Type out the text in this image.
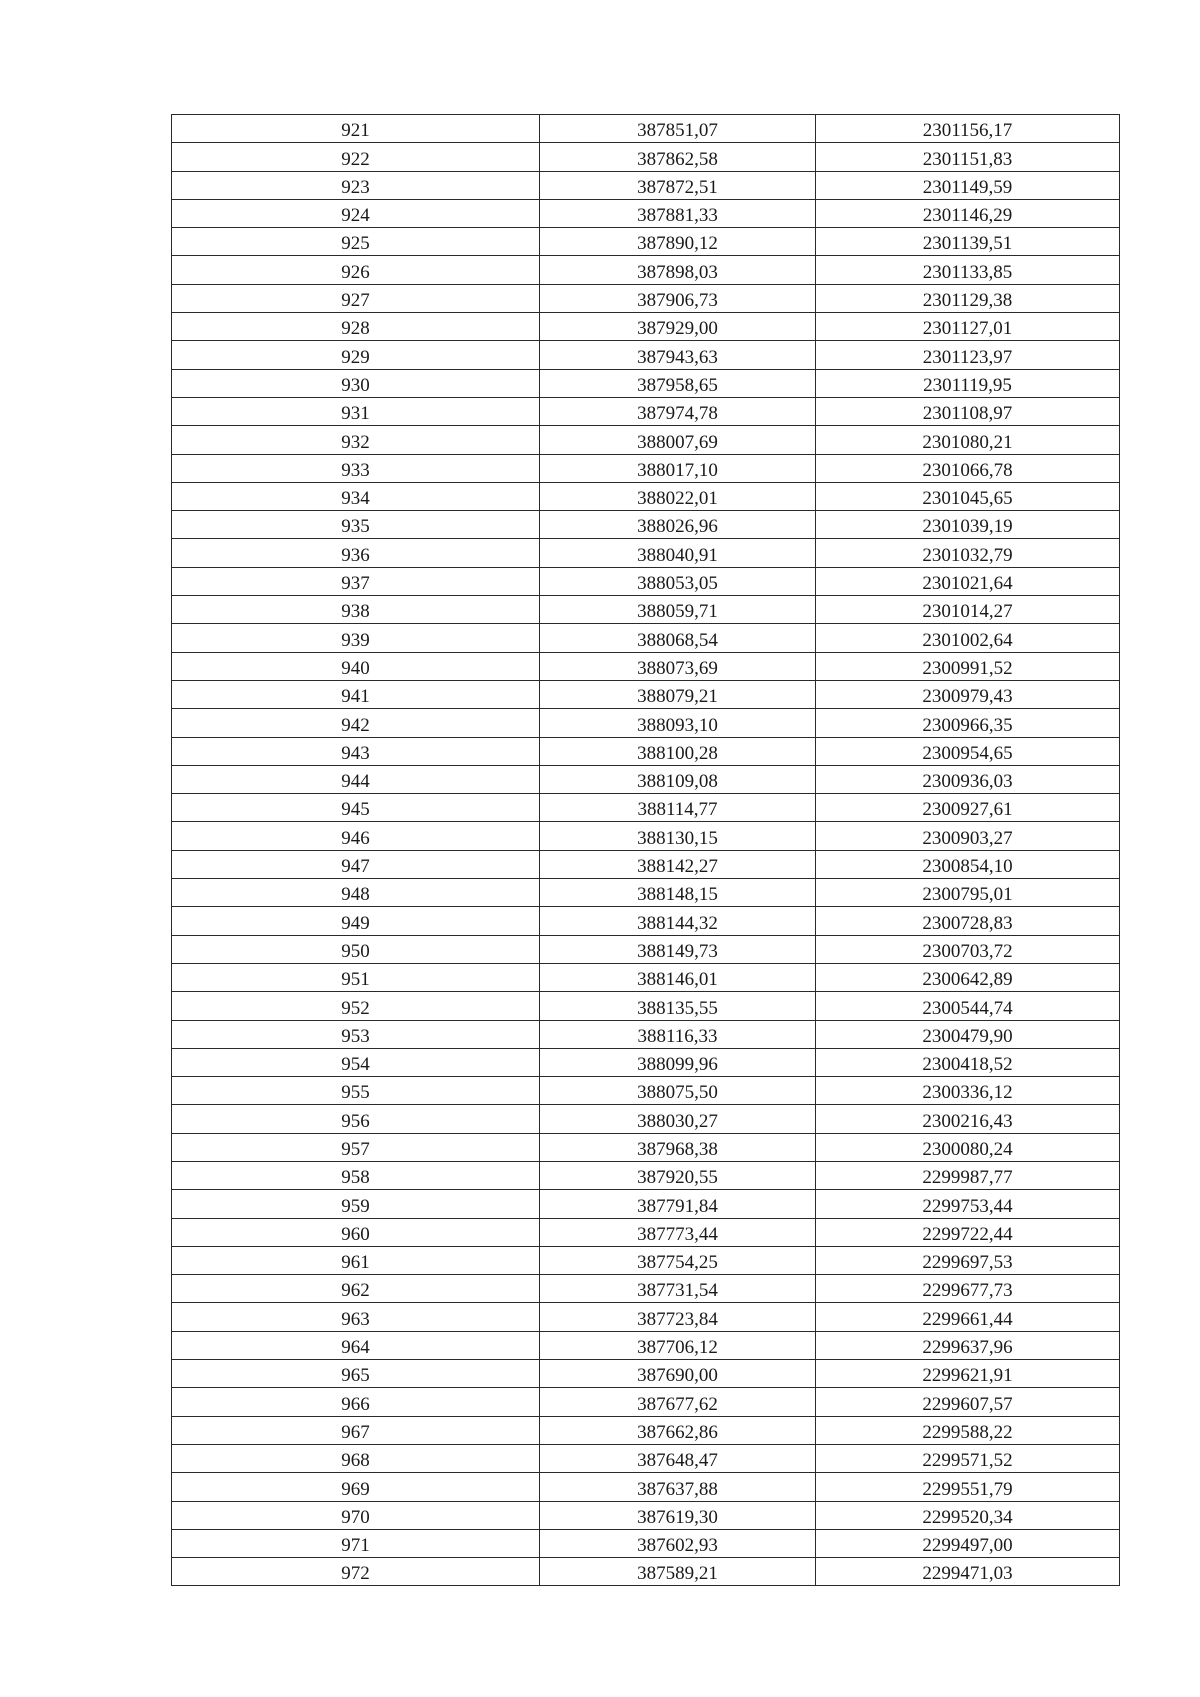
921	387851,07	2301156,17
922	387862,58	2301151,83
923	387872,51	2301149,59
924	387881,33	2301146,29
925	387890,12	2301139,51
926	387898,03	2301133,85
927	387906,73	2301129,38
928	387929,00	2301127,01
929	387943,63	2301123,97
930	387958,65	2301119,95
931	387974,78	2301108,97
932	388007,69	2301080,21
933	388017,10	2301066,78
934	388022,01	2301045,65
935	388026,96	2301039,19
936	388040,91	2301032,79
937	388053,05	2301021,64
938	388059,71	2301014,27
939	388068,54	2301002,64
940	388073,69	2300991,52
941	388079,21	2300979,43
942	388093,10	2300966,35
943	388100,28	2300954,65
944	388109,08	2300936,03
945	388114,77	2300927,61
946	388130,15	2300903,27
947	388142,27	2300854,10
948	388148,15	2300795,01
949	388144,32	2300728,83
950	388149,73	2300703,72
951	388146,01	2300642,89
952	388135,55	2300544,74
953	388116,33	2300479,90
954	388099,96	2300418,52
955	388075,50	2300336,12
956	388030,27	2300216,43
957	387968,38	2300080,24
958	387920,55	2299987,77
959	387791,84	2299753,44
960	387773,44	2299722,44
961	387754,25	2299697,53
962	387731,54	2299677,73
963	387723,84	2299661,44
964	387706,12	2299637,96
965	387690,00	2299621,91
966	387677,62	2299607,57
967	387662,86	2299588,22
968	387648,47	2299571,52
969	387637,88	2299551,79
970	387619,30	2299520,34
971	387602,93	2299497,00
972	387589,21	2299471,03
